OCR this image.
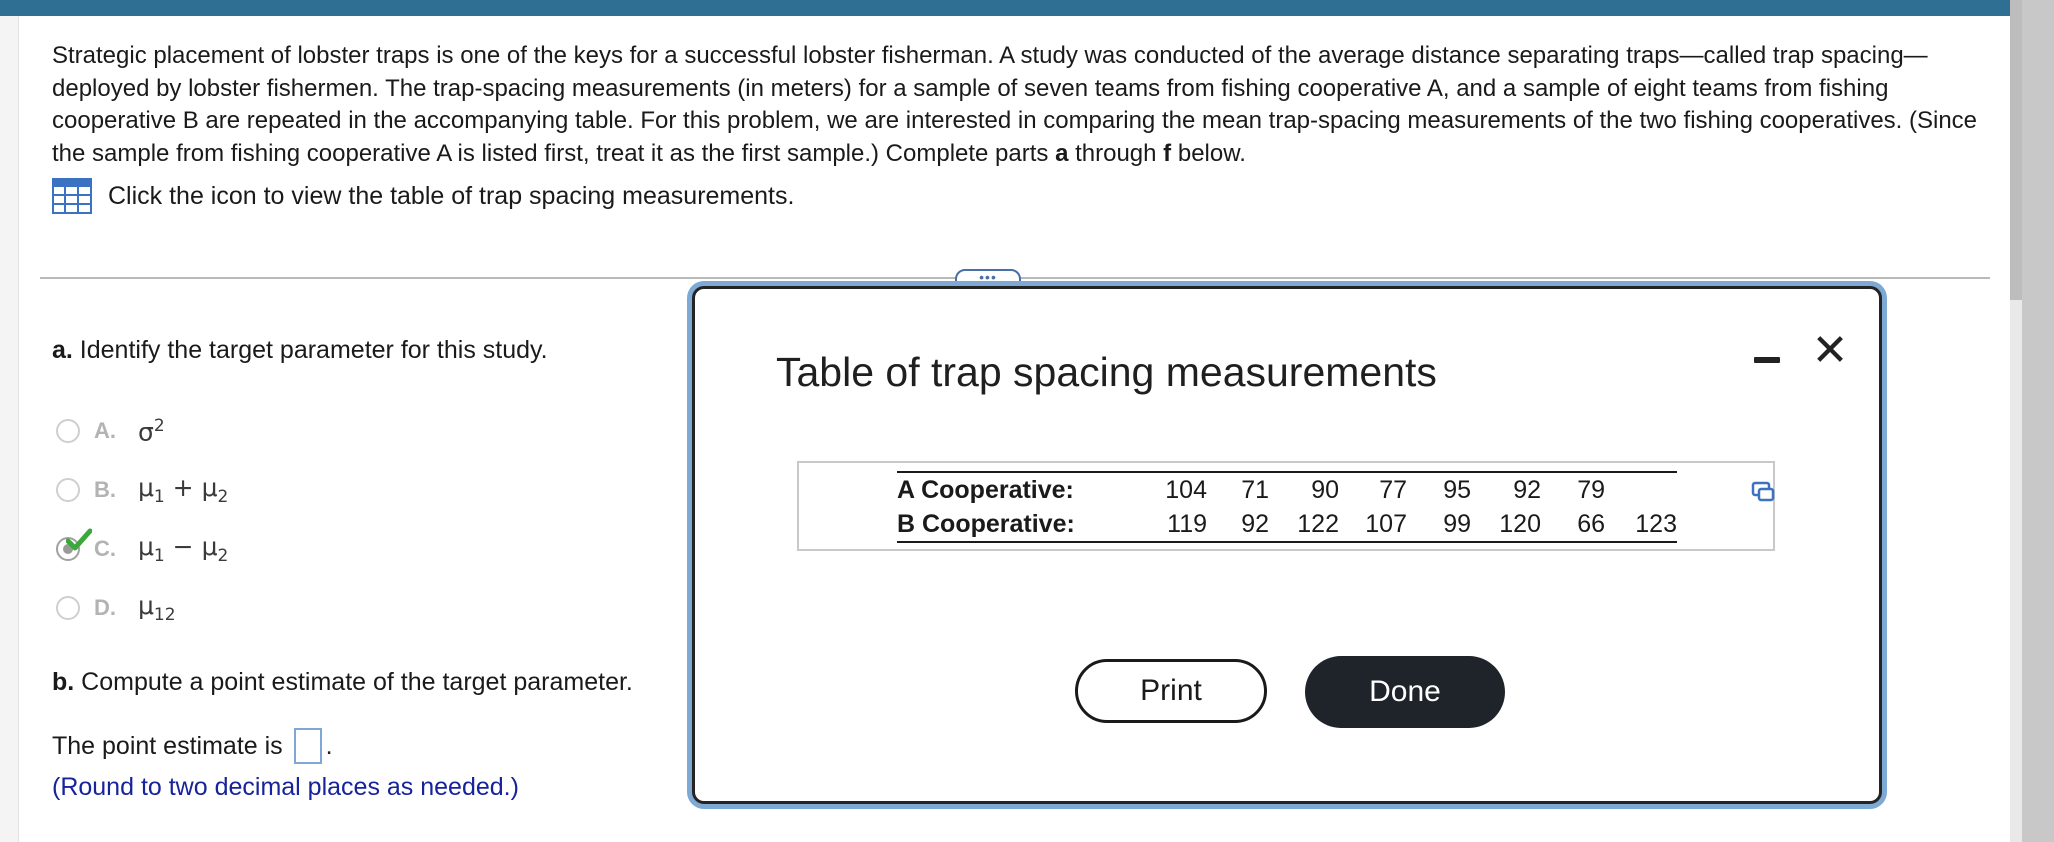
Strategic placement of lobster traps is one of the keys for a successful lobster fisherman. A study was conducted of the average distance separating traps—called trap spacing—deployed by lobster fishermen. The trap-spacing measurements (in meters) for a sample of seven teams from fishing cooperative A, and a sample of eight teams from fishing cooperative B are repeated in the accompanying table. For this problem, we are interested in comparing the mean trap-spacing measurements of the two fishing cooperatives. (Since the sample from fishing cooperative A is listed first, treat it as the first sample.) Complete parts a through f below.
Click the icon to view the table of trap spacing measurements.
•••
a. Identify the target parameter for this study.
A. $\sigma^2$
B. $\mu_1 + \mu_2$
C. $\mu_1 - \mu_2$
D. $\mu_{12}$
b. Compute a point estimate of the target parameter.
The point estimate is .
(Round to two decimal places as needed.)
Table of trap spacing measurements	✕
A Cooperative:	104	71	90	77	95	92	79	
B Cooperative:	119	92	122	107	99	120	66	123
Print	Done
